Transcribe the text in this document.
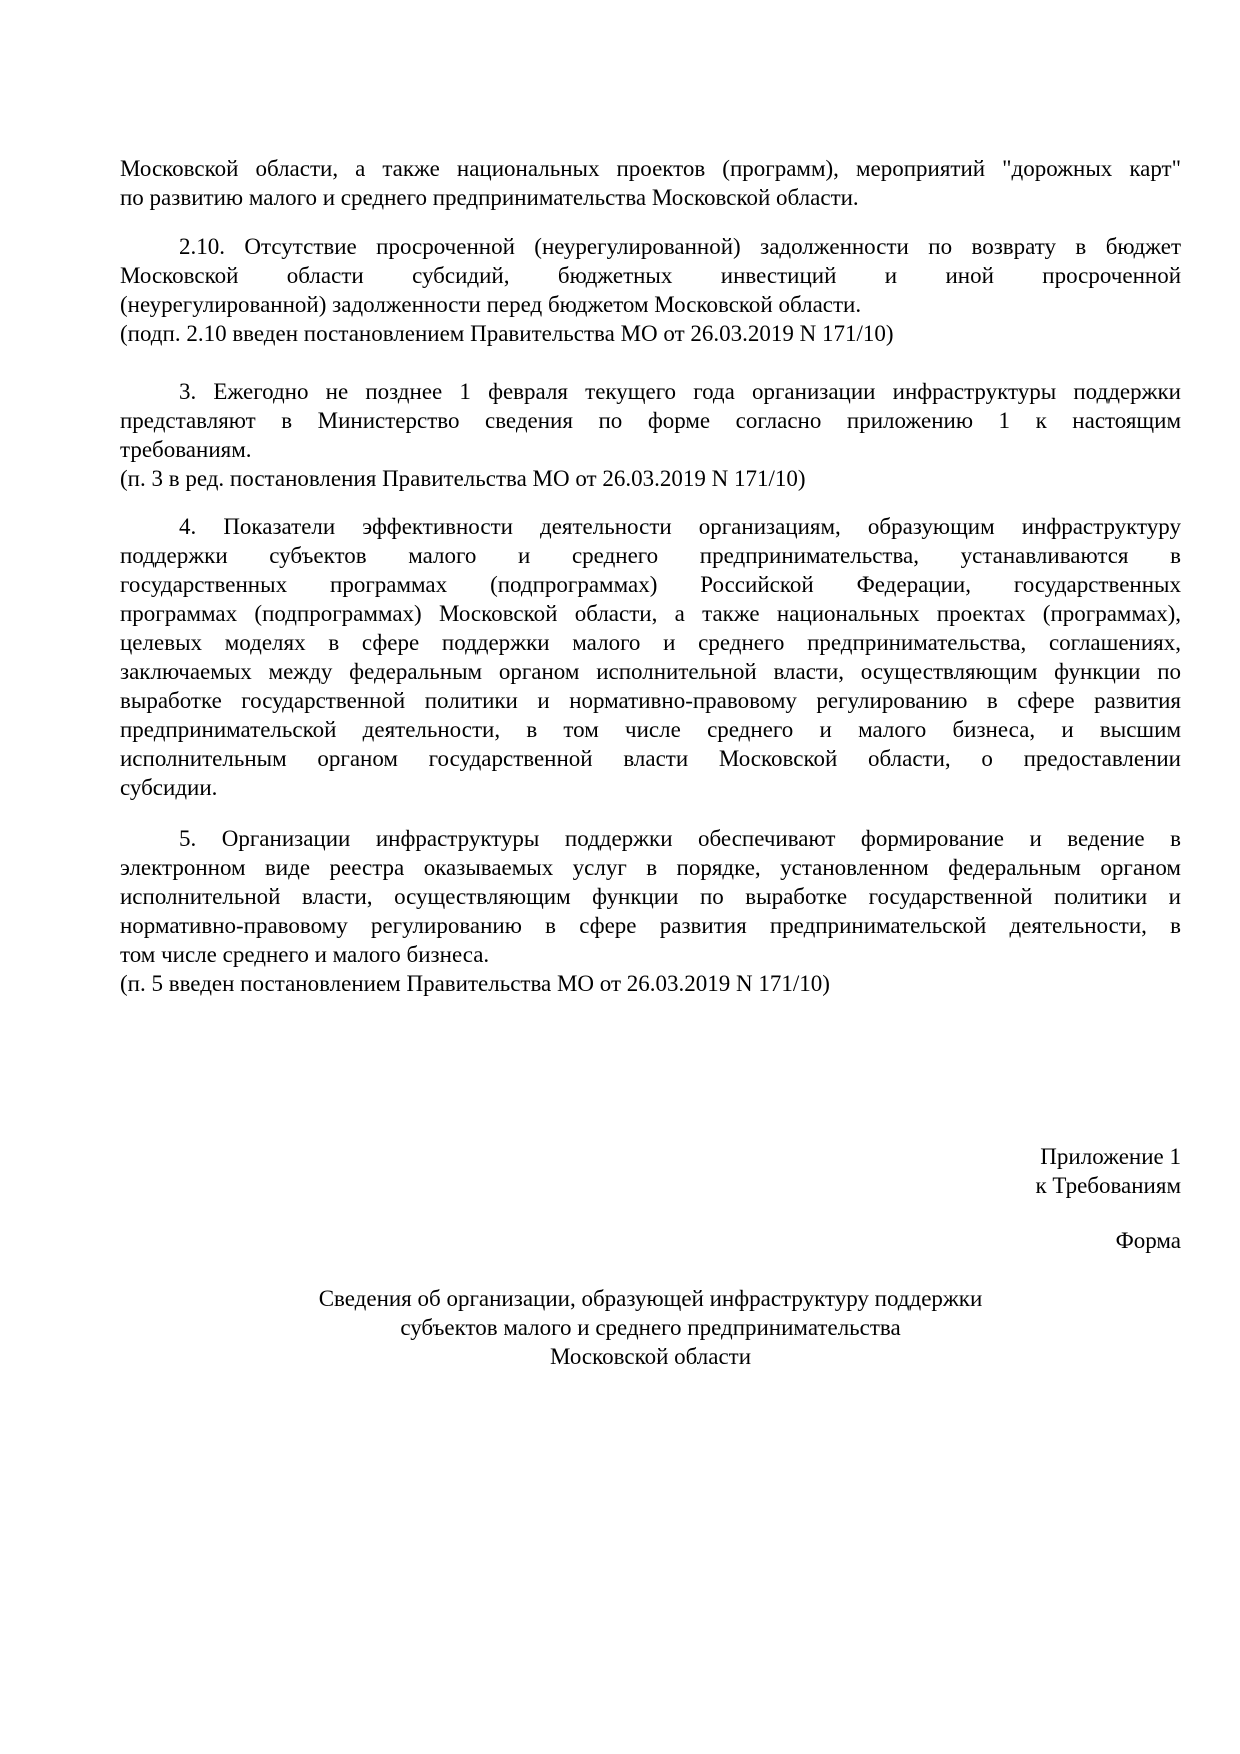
Московской области, а также национальных проектов (программ), мероприятий "дорожных карт"
по развитию малого и среднего предпринимательства Московской области.
2.10. Отсутствие просроченной (неурегулированной) задолженности по возврату в бюджет
Московской области субсидий, бюджетных инвестиций и иной просроченной
(неурегулированной) задолженности перед бюджетом Московской области.
(подп. 2.10 введен постановлением Правительства МО от 26.03.2019 N 171/10)
3. Ежегодно не позднее 1 февраля текущего года организации инфраструктуры поддержки
представляют в Министерство сведения по форме согласно приложению 1 к настоящим
требованиям.
(п. 3 в ред. постановления Правительства МО от 26.03.2019 N 171/10)
4. Показатели эффективности деятельности организациям, образующим инфраструктуру
поддержки субъектов малого и среднего предпринимательства, устанавливаются в
государственных программах (подпрограммах) Российской Федерации, государственных
программах (подпрограммах) Московской области, а также национальных проектах (программах),
целевых моделях в сфере поддержки малого и среднего предпринимательства, соглашениях,
заключаемых между федеральным органом исполнительной власти, осуществляющим функции по
выработке государственной политики и нормативно-правовому регулированию в сфере развития
предпринимательской деятельности, в том числе среднего и малого бизнеса, и высшим
исполнительным органом государственной власти Московской области, о предоставлении
субсидии.
5. Организации инфраструктуры поддержки обеспечивают формирование и ведение в
электронном виде реестра оказываемых услуг в порядке, установленном федеральным органом
исполнительной власти, осуществляющим функции по выработке государственной политики и
нормативно-правовому регулированию в сфере развития предпринимательской деятельности, в
том числе среднего и малого бизнеса.
(п. 5 введен постановлением Правительства МО от 26.03.2019 N 171/10)
Приложение 1
к Требованиям
Форма
Сведения об организации, образующей инфраструктуру поддержки
субъектов малого и среднего предпринимательства
Московской области
